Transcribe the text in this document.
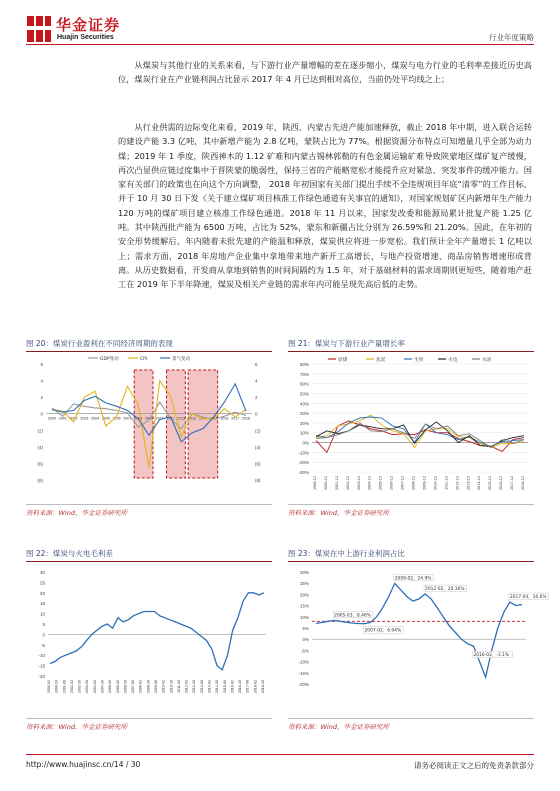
华金证券
Huajin Securities	行业年度策略
从煤炭与其他行业的关系来看，与下游行业产量增幅的差在逐步缩小，煤炭与电力行业的毛利率差接近历史高位，煤炭行业在产业链利润占比显示 2017 年 4 月已达到相对高位，当前仍处平均线之上；
从行业供需的边际变化来看，2019 年，陕西、内蒙古先进产能加速释放，截止 2018 年中期，进入联合运转的建设产能 3.3 亿吨，其中新增产能为 2.8 亿吨，蒙陕占比为 77%。根据资源分布特点可知增量几乎全部为动力煤；2019 年 1 季度，陕西神木的 1.12 矿难和内蒙古锡林郭勒的有色金属运输矿难导致陕蒙地区煤矿复产缓慢，再次凸显供应链过度集中于晋陕蒙的脆弱性，保持三省的产能略宽松才能提升应对紧急、突发事件的缓冲能力。国家有关部门的政策也在向这个方向调整， 2018 年初国家有关部门提出手续不全违规项目年底“清零”的工作目标，并于 10 月 30 日下发《关于建立煤矿项目核准工作绿色通道有关事宜的通知》，对国家规划矿区内新增年生产能力 120 万吨的煤矿项目建立核准工作绿色通道。2018 年 11 月以来，国家发改委和能源局累计批复产能 1.25 亿吨。其中陕西批产能为 6500 万吨，占比为 52%，蒙东和新疆占比分别为 26.59%和 21.20%。因此，在年初的安全形势缓解后，年内随着未批先建的产能温和释放，煤炭供应将进一步宽松。我们预计全年产量增长 1 亿吨以上；需求方面，2018 年房地产企业集中拿地带来地产新开工高增长，与地产投资增速、商品房销售增速形成背离。从历史数据看，开发商从拿地到销售的时间间隔约为 1.5 年，对于基础材料的需求周期则更短些，随着地产赶工在 2019 年下半年降速，煤炭及相关产业链的需求年内可能呈现先高后低的走势。
图 20：煤炭行业盈利在不同经济周期的表现
6
4
2
0
(2)
(4)
(6)
(8)
6
4
2
0
(2)
(4)
(6)
(8)
2000 2001 2002 2003 2004 2005 2006 2007 2008 2009 2010 2011 2012 2013 2014 2015 2016 2017 2018
GDP变动	CPI	景气变动
资料来源：Wind，华金证券研究所
图 21：煤炭与下游行业产量增长率
80%
70%
60%
50%
40%
30%
20%
10%
0%
-10%
-20%
-30%
1999-12 2000-12 2001-12 2002-12 2003-12 2004-12 2005-12 2006-12 2007-12 2008-12 2009-12 2010-12 2011-12 2012-12 2013-12 2014-12 2015-12 2016-12 2017-12 2018-12
原煤	焦炭	生铁	火电	水泥
资料来源：Wind，华金证券研究所
图 22：煤炭与火电毛利差
30
25
20
15
10
5
0
-5
-10
-15
-20
2000-02 2000-10 2001-06 2002-02 2002-10 2003-06 2004-02 2004-10 2005-06 2006-02 2006-10 2007-06 2008-02 2008-10 2009-06 2010-02 2010-10 2011-06 2012-02 2012-10 2013-06 2014-02 2014-10 2015-06 2016-02 2016-10 2017-06 2018-02 2018-10
资料来源：Wind，华金证券研究所
图 23：煤炭在中上游行业利润占比
30%
25%
20%
15%
10%
5%
0%
-5%
-10%
-15%
-20%
2009-02，24.9%
2012-02，20.16%
2017-04，16.6%
2005-03，8.46%
2007-02，6.94%
2016-02，-3.1%
资料来源：Wind，华金证券研究所
http://www.huajinsc.cn/14 / 30	请务必阅读正文之后的免责条款部分
